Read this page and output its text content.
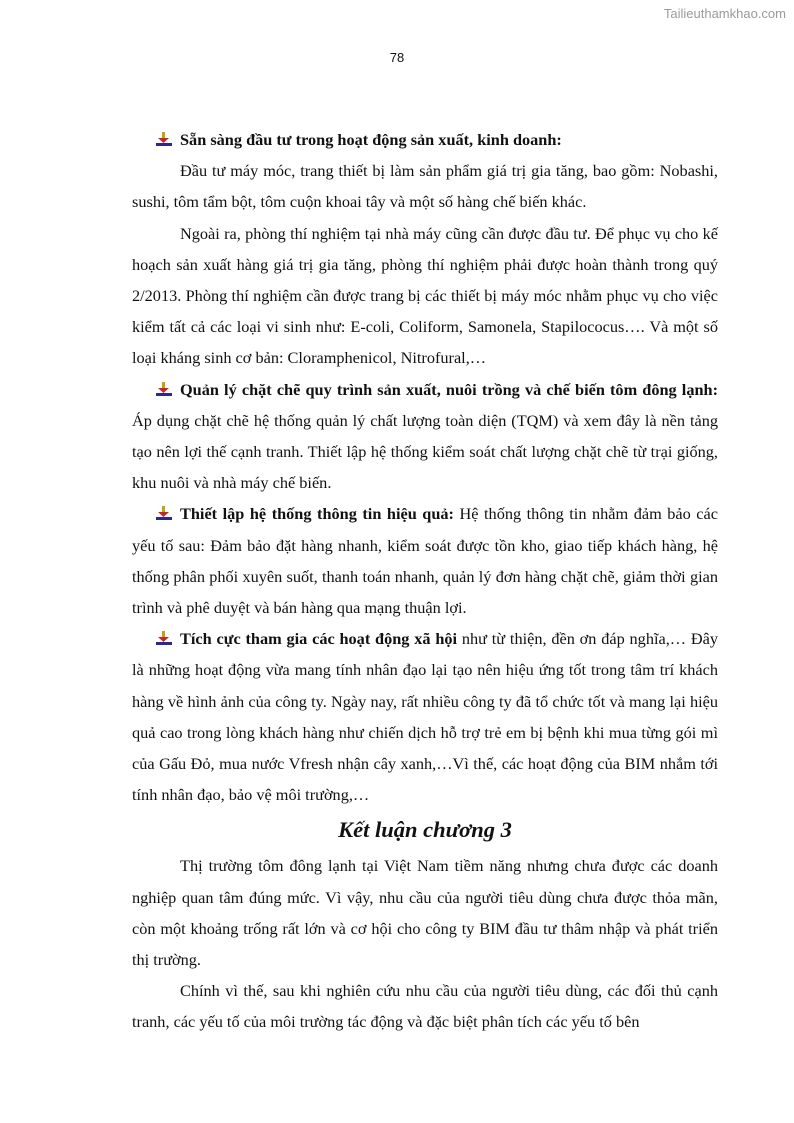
Tailieuthamkhao.com
78

Sẵn sàng đầu tư trong hoạt động sản xuất, kinh doanh:

Đầu tư máy móc, trang thiết bị làm sản phẩm giá trị gia tăng, bao gồm: Nobashi, sushi, tôm tẩm bột, tôm cuộn khoai tây và một số hàng chế biến khác.

Ngoài ra, phòng thí nghiệm tại nhà máy cũng cần được đầu tư. Để phục vụ cho kế hoạch sản xuất hàng giá trị gia tăng, phòng thí nghiệm phải được hoàn thành trong quý 2/2013. Phòng thí nghiệm cần được trang bị các thiết bị máy móc nhằm phục vụ cho việc kiểm tất cả các loại vi sinh như: E-coli, Coliform, Samonela, Stapilococus…. Và một số loại kháng sinh cơ bản: Cloramphenicol, Nitrofural,…

Quản lý chặt chẽ quy trình sản xuất, nuôi trồng và chế biến tôm đông lạnh: Áp dụng chặt chẽ hệ thống quản lý chất lượng toàn diện (TQM) và xem đây là nền tảng tạo nên lợi thế cạnh tranh. Thiết lập hệ thống kiểm soát chất lượng chặt chẽ từ trại giống, khu nuôi và nhà máy chế biến.

Thiết lập hệ thống thông tin hiệu quả: Hệ thống thông tin nhằm đảm bảo các yếu tố sau: Đảm bảo đặt hàng nhanh, kiểm soát được tồn kho, giao tiếp khách hàng, hệ thống phân phối xuyên suốt, thanh toán nhanh, quản lý đơn hàng chặt chẽ, giảm thời gian trình và phê duyệt và bán hàng qua mạng thuận lợi.

Tích cực tham gia các hoạt động xã hội như từ thiện, đền ơn đáp nghĩa,… Đây là những hoạt động vừa mang tính nhân đạo lại tạo nên hiệu ứng tốt trong tâm trí khách hàng về hình ảnh của công ty. Ngày nay, rất nhiều công ty đã tổ chức tốt và mang lại hiệu quả cao trong lòng khách hàng như chiến dịch hỗ trợ trẻ em bị bệnh khi mua từng gói mì của Gấu Đỏ, mua nước Vfresh nhận cây xanh,…Vì thế, các hoạt động của BIM nhắm tới tính nhân đạo, bảo vệ môi trường,…

Kết luận chương 3

Thị trường tôm đông lạnh tại Việt Nam tiềm năng nhưng chưa được các doanh nghiệp quan tâm đúng mức. Vì vậy, nhu cầu của người tiêu dùng chưa được thỏa mãn, còn một khoảng trống rất lớn và cơ hội cho công ty BIM đầu tư thâm nhập và phát triển thị trường.

Chính vì thế, sau khi nghiên cứu nhu cầu của người tiêu dùng, các đối thủ cạnh tranh, các yếu tố của môi trường tác động và đặc biệt phân tích các yếu tố bên
